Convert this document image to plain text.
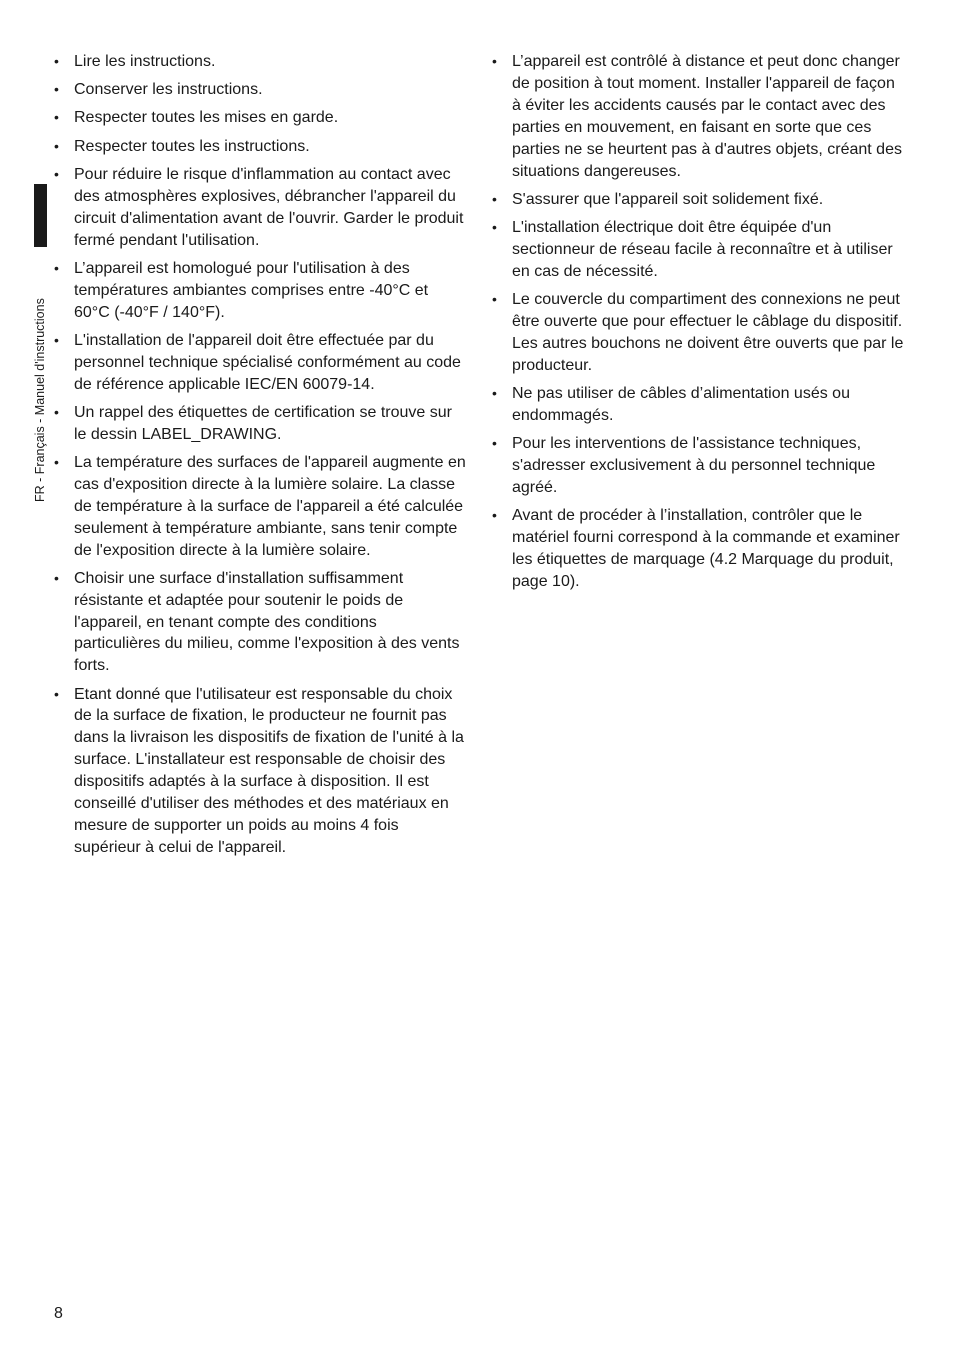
FR - Français - Manuel d'instructions
• Lire les instructions.
• Conserver les instructions.
• Respecter toutes les mises en garde.
• Respecter toutes les instructions.
• Pour réduire le risque d'inflammation au contact avec des atmosphères explosives, débrancher l'appareil du circuit d'alimentation avant de l'ouvrir. Garder le produit fermé pendant l'utilisation.
• L’appareil est homologué pour l'utilisation à des températures ambiantes comprises entre -40°C et 60°C (-40°F / 140°F).
• L'installation de l'appareil doit être effectuée par du personnel technique spécialisé conformément au code de référence applicable IEC/EN 60079-14.
• Un rappel des étiquettes de certification se trouve sur le dessin LABEL_DRAWING.
• La température des surfaces de l'appareil augmente en cas d'exposition directe à la lumière solaire. La classe de température à la surface de l'appareil a été calculée seulement à température ambiante, sans tenir compte de l'exposition directe à la lumière solaire.
• Choisir une surface d'installation suffisamment résistante et adaptée pour soutenir le poids de l'appareil, en tenant compte des conditions particulières du milieu, comme l'exposition à des vents forts.
• Etant donné que l'utilisateur est responsable du choix de la surface de fixation, le producteur ne fournit pas dans la livraison les dispositifs de fixation de l'unité à la surface. L'installateur est responsable de choisir des dispositifs adaptés à la surface à disposition. Il est conseillé d'utiliser des méthodes et des matériaux en mesure de supporter un poids au moins 4 fois supérieur à celui de l'appareil.
• L’appareil est contrôlé à distance et peut donc changer de position à tout moment. Installer l'appareil de façon à éviter les accidents causés par le contact avec des parties en mouvement, en faisant en sorte que ces parties ne se heurtent pas à d'autres objets, créant des situations dangereuses.
• S'assurer que l'appareil soit solidement fixé.
• L'installation électrique doit être équipée d'un sectionneur de réseau facile à reconnaître et à utiliser en cas de nécessité.
• Le couvercle du compartiment des connexions ne peut être ouverte que pour effectuer le câblage du dispositif. Les autres bouchons ne doivent être ouverts que par le producteur.
• Ne pas utiliser de câbles d’alimentation usés ou endommagés.
• Pour les interventions de l'assistance techniques, s'adresser exclusivement à du personnel technique agréé.
• Avant de procéder à l’installation, contrôler que le matériel fourni correspond à la commande et examiner les étiquettes de marquage (4.2 Marquage du produit, page 10).
8
